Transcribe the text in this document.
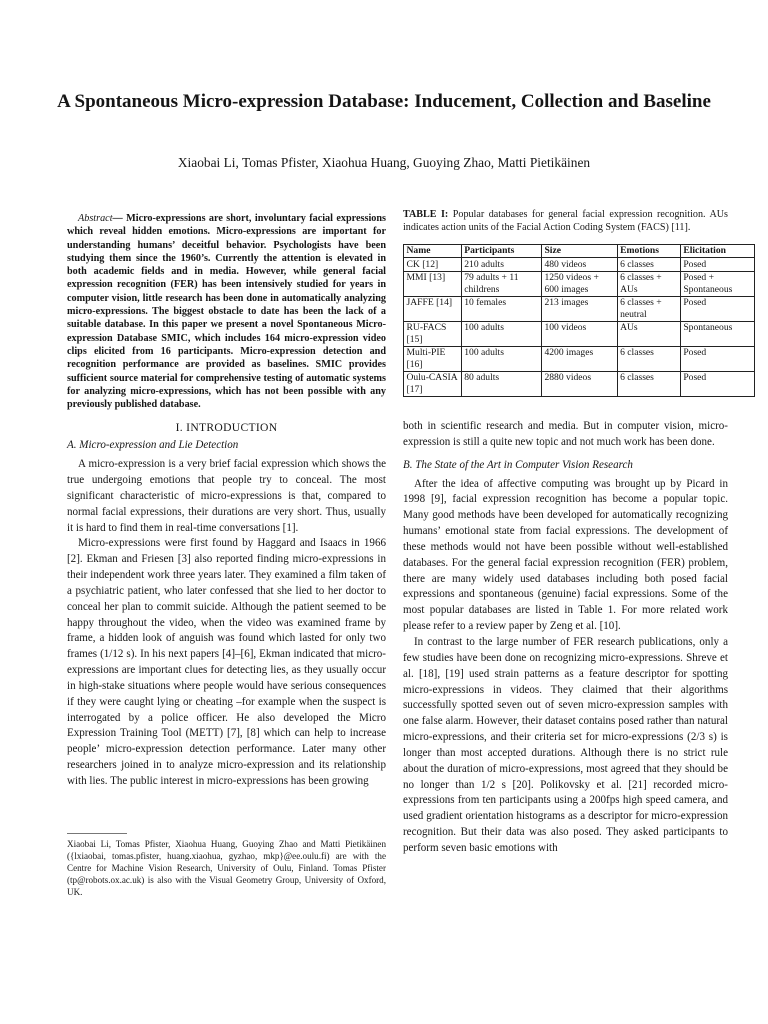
A Spontaneous Micro-expression Database: Inducement, Collection and Baseline
Xiaobai Li, Tomas Pfister, Xiaohua Huang, Guoying Zhao, Matti Pietikäinen

Abstract— Micro-expressions are short, involuntary facial expressions which reveal hidden emotions. Micro-expressions are important for understanding humans’ deceitful behavior. Psychologists have been studying them since the 1960’s. Currently the attention is elevated in both academic fields and in media. However, while general facial expression recognition (FER) has been intensively studied for years in computer vision, little research has been done in automatically analyzing micro-expressions. The biggest obstacle to date has been the lack of a suitable database. In this paper we present a novel Spontaneous Micro-expression Database SMIC, which includes 164 micro-expression video clips elicited from 16 participants. Micro-expression detection and recognition performance are provided as baselines. SMIC provides sufficient source material for comprehensive testing of automatic systems for analyzing micro-expressions, which has not been possible with any previously published database.

I. INTRODUCTION
A. Micro-expression and Lie Detection

A micro-expression is a very brief facial expression which shows the true undergoing emotions that people try to conceal. The most significant characteristic of micro-expressions is that, compared to normal facial expressions, their durations are very short. Thus, usually it is hard to find them in real-time conversations [1].

Micro-expressions were first found by Haggard and Isaacs in 1966 [2]. Ekman and Friesen [3] also reported finding micro-expressions in their independent work three years later. They examined a film taken of a psychiatric patient, who later confessed that she lied to her doctor to conceal her plan to commit suicide. Although the patient seemed to be happy throughout the video, when the video was examined frame by frame, a hidden look of anguish was found which lasted for only two frames (1/12 s). In his next papers [4]–[6], Ekman indicated that micro-expressions are important clues for detecting lies, as they usually occur in high-stake situations where people would have serious consequences if they were caught lying or cheating –for example when the suspect is interrogated by a police officer. He also developed the Micro Expression Training Tool (METT) [7], [8] which can help to increase people’ micro-expression detection performance. Later many other researchers joined in to analyze micro-expression and its relationship with lies. The public interest in micro-expressions has been growing

Xiaobai Li, Tomas Pfister, Xiaohua Huang, Guoying Zhao and Matti Pietikäinen ({lxiaobai, tomas.pfister, huang.xiaohua, gyzhao, mkp}@ee.oulu.fi) are with the Centre for Machine Vision Research, University of Oulu, Finland. Tomas Pfister (tp@robots.ox.ac.uk) is also with the Visual Geometry Group, University of Oxford, UK.

TABLE I: Popular databases for general facial expression recognition. AUs indicates action units of the Facial Action Coding System (FACS) [11].

Name	Participants	Size	Emotions	Elicitation
CK [12]	210 adults	480 videos	6 classes	Posed
MMI [13]	79 adults + 11 childrens	1250 videos + 600 images	6 classes + AUs	Posed + Spontaneous
JAFFE [14]	10 females	213 images	6 classes + neutral	Posed
RU-FACS [15]	100 adults	100 videos	AUs	Spontaneous
Multi-PIE [16]	100 adults	4200 images	6 classes	Posed
Oulu-CASIA [17]	80 adults	2880 videos	6 classes	Posed

both in scientific research and media. But in computer vision, micro-expression is still a quite new topic and not much work has been done.

B. The State of the Art in Computer Vision Research

After the idea of affective computing was brought up by Picard in 1998 [9], facial expression recognition has become a popular topic. Many good methods have been developed for automatically recognizing humans’ emotional state from facial expressions. The development of these methods would not have been possible without well-established databases. For the general facial expression recognition (FER) problem, there are many widely used databases including both posed facial expressions and spontaneous (genuine) facial expressions. Some of the most popular databases are listed in Table 1. For more related work please refer to a review paper by Zeng et al. [10].

In contrast to the large number of FER research publications, only a few studies have been done on recognizing micro-expressions. Shreve et al. [18], [19] used strain patterns as a feature descriptor for spotting micro-expressions in videos. They claimed that their algorithms successfully spotted seven out of seven micro-expression samples with one false alarm. However, their dataset contains posed rather than natural micro-expressions, and their criteria set for micro-expressions (2/3 s) is longer than most accepted durations. Although there is no strict rule about the duration of micro-expressions, most agreed that they should be no longer than 1/2 s [20]. Polikovsky et al. [21] recorded micro-expressions from ten participants using a 200fps high speed camera, and used gradient orientation histograms as a descriptor for micro-expression recognition. But their data was also posed. They asked participants to perform seven basic emotions with
